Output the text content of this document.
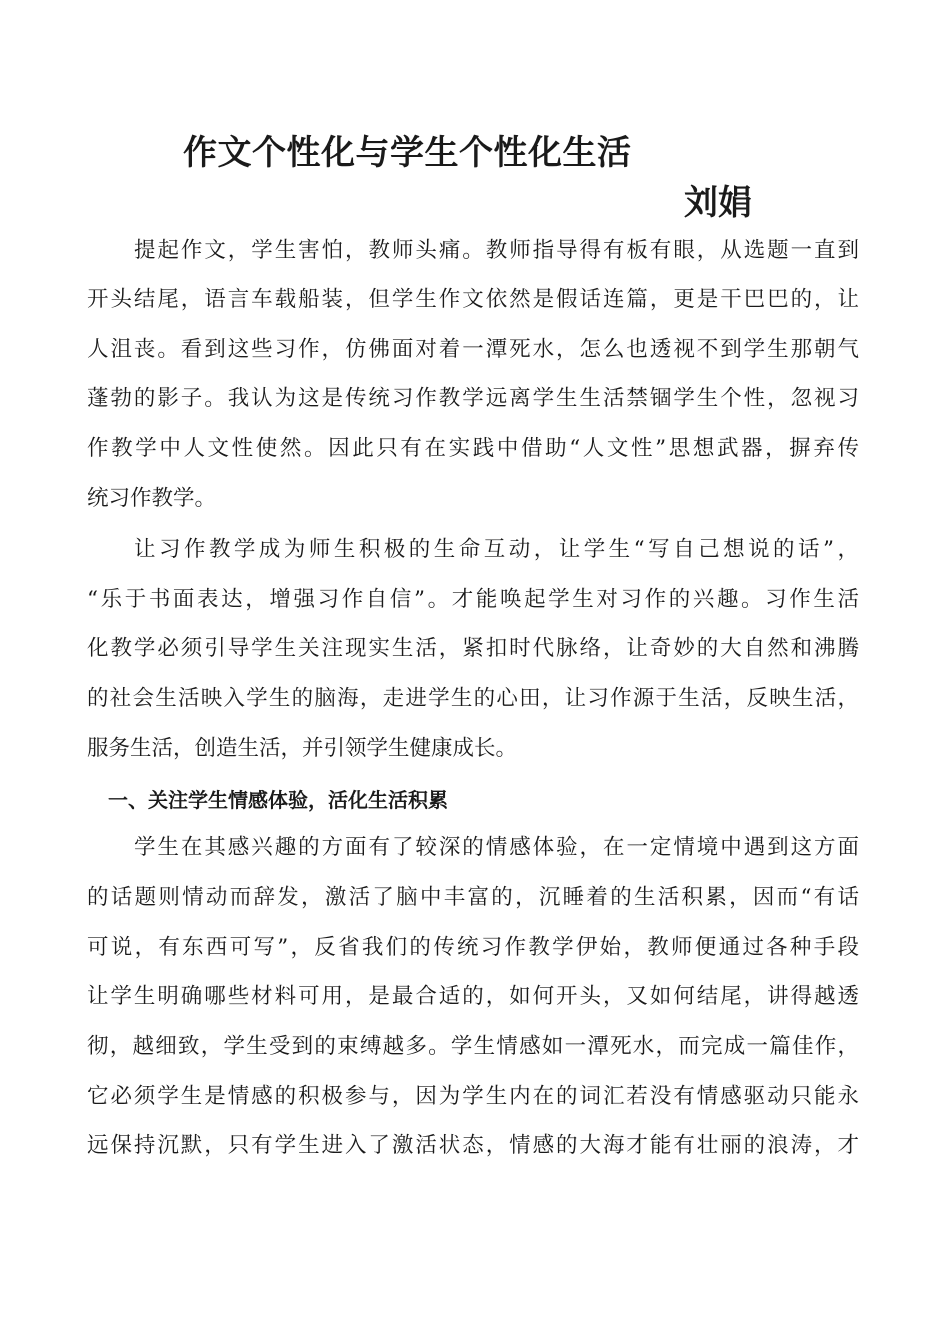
作文个性化与学生个性化生活
刘娟

提起作文，学生害怕，教师头痛。教师指导得有板有眼，从选题一直到

开头结尾，语言车载船装，但学生作文依然是假话连篇，更是干巴巴的，让

人沮丧。看到这些习作，仿佛面对着一潭死水，怎么也透视不到学生那朝气

蓬勃的影子。我认为这是传统习作教学远离学生生活禁锢学生个性，忽视习

作教学中人文性使然。因此只有在实践中借助“人文性”思想武器，摒弃传

统习作教学。

让习作教学成为师生积极的生命互动，让学生“写自己想说的话”，

“乐于书面表达，增强习作自信”。才能唤起学生对习作的兴趣。习作生活

化教学必须引导学生关注现实生活，紧扣时代脉络，让奇妙的大自然和沸腾

的社会生活映入学生的脑海，走进学生的心田，让习作源于生活，反映生活，

服务生活，创造生活，并引领学生健康成长。

一、关注学生情感体验，活化生活积累

学生在其感兴趣的方面有了较深的情感体验，在一定情境中遇到这方面

的话题则情动而辞发，激活了脑中丰富的，沉睡着的生活积累，因而“有话

可说，有东西可写”，反省我们的传统习作教学伊始，教师便通过各种手段

让学生明确哪些材料可用，是最合适的，如何开头，又如何结尾，讲得越透

彻，越细致，学生受到的束缚越多。学生情感如一潭死水，而完成一篇佳作，

它必须学生是情感的积极参与，因为学生内在的词汇若没有情感驱动只能永

远保持沉默，只有学生进入了激活状态，情感的大海才能有壮丽的浪涛，才
